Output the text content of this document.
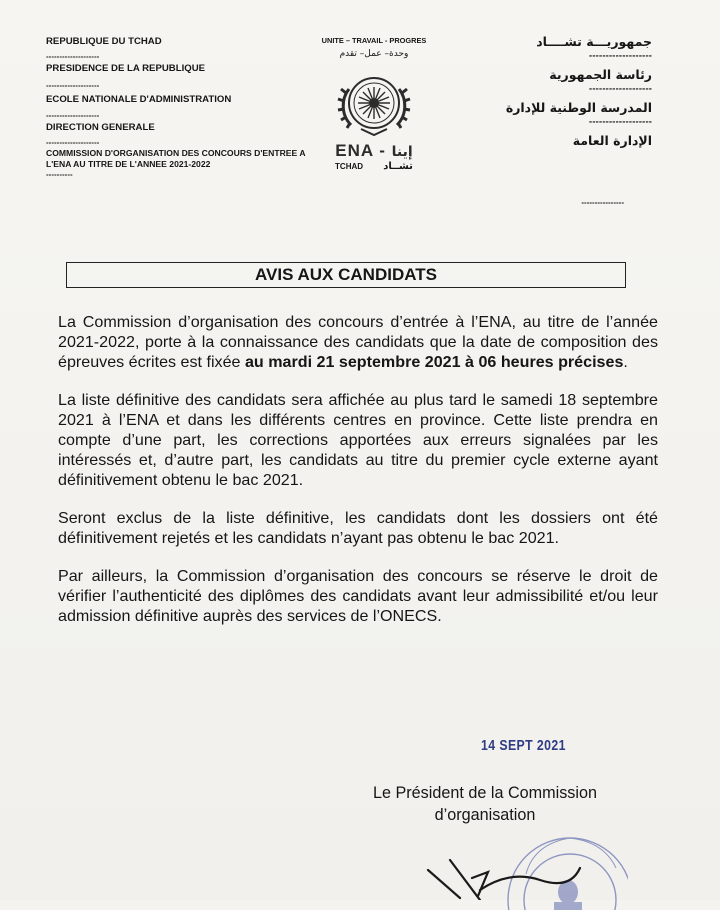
REPUBLIQUE DU TCHAD
--------------------
PRESIDENCE DE LA REPUBLIQUE
--------------------
ECOLE NATIONALE D'ADMINISTRATION
--------------------
DIRECTION GENERALE
--------------------
COMMISSION D'ORGANISATION DES CONCOURS D'ENTREE A L'ENA AU TITRE DE L'ANNEE 2021-2022
----------
UNITE – TRAVAIL - PROGRES
وحدة– عمل– تقدم
ENA - إينا
TCHAD تشــاد
جمهوريـــة تشــــاد
-------------------
رئاسة الجمهورية
-------------------
المدرسة الوطنية للإدارة
-------------------
الإدارة العامة
----------------
AVIS AUX CANDIDATS

La Commission d’organisation des concours d’entrée à l’ENA, au titre de l’année 2021-2022, porte à la connaissance des candidats que la date de composition des épreuves écrites est fixée au mardi 21 septembre 2021 à 06 heures précises.

La liste définitive des candidats sera affichée au plus tard le samedi 18 septembre 2021 à l’ENA et dans les différents centres en province. Cette liste prendra en compte d’une part, les corrections apportées aux erreurs signalées par les intéressés et, d’autre part, les candidats au titre du premier cycle externe ayant définitivement obtenu le bac 2021.

Seront exclus de la liste définitive, les candidats dont les dossiers ont été définitivement rejetés et les candidats n’ayant pas obtenu le bac 2021.

Par ailleurs, la Commission d’organisation des concours se réserve le droit de vérifier l’authenticité des diplômes des candidats avant leur admissibilité et/ou leur admission définitive auprès des services de l’ONECS.

14 SEPT 2021
Le Président de la Commission
d’organisation
